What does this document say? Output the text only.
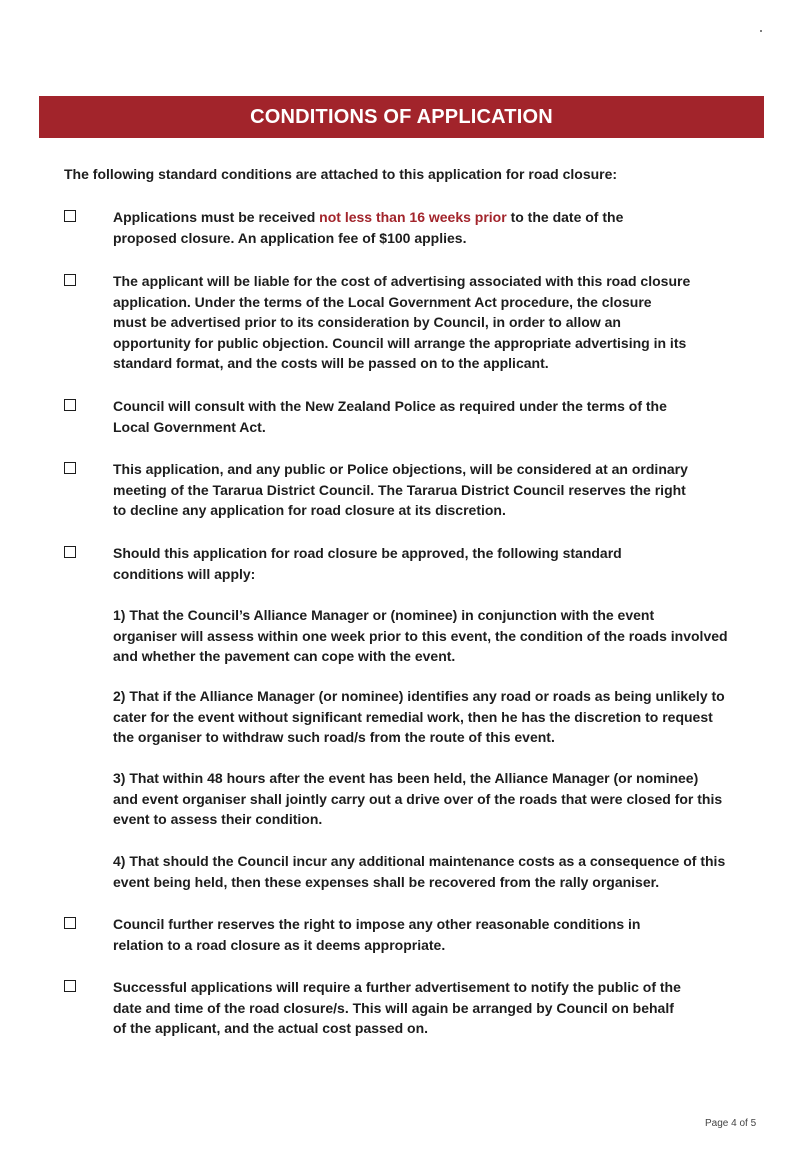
CONDITIONS OF APPLICATION
The following standard conditions are attached to this application for road closure:
Applications must be received not less than 16 weeks prior to the date of the
proposed closure. An application fee of $100 applies.
The applicant will be liable for the cost of advertising associated with this road closure
application. Under the terms of the Local Government Act procedure, the closure
must be advertised prior to its consideration by Council, in order to allow an
opportunity for public objection. Council will arrange the appropriate advertising in its
standard format, and the costs will be passed on to the applicant.
Council will consult with the New Zealand Police as required under the terms of the
Local Government Act.
This application, and any public or Police objections, will be considered at an ordinary
meeting of the Tararua District Council. The Tararua District Council reserves the right
to decline any application for road closure at its discretion.
Should this application for road closure be approved, the following standard
conditions will apply:
1) That the Council’s Alliance Manager or (nominee) in conjunction with the event
organiser will assess within one week prior to this event, the condition of the roads involved
and whether the pavement can cope with the event.
2) That if the Alliance Manager (or nominee) identifies any road or roads as being unlikely to
cater for the event without significant remedial work, then he has the discretion to request
the organiser to withdraw such road/s from the route of this event.
3) That within 48 hours after the event has been held, the Alliance Manager (or nominee)
and event organiser shall jointly carry out a drive over of the roads that were closed for this
event to assess their condition.
4) That should the Council incur any additional maintenance costs as a consequence of this
event being held, then these expenses shall be recovered from the rally organiser.
Council further reserves the right to impose any other reasonable conditions in
relation to a road closure as it deems appropriate.
Successful applications will require a further advertisement to notify the public of the
date and time of the road closure/s. This will again be arranged by Council on behalf
of the applicant, and the actual cost passed on.
Page 4 of 5
